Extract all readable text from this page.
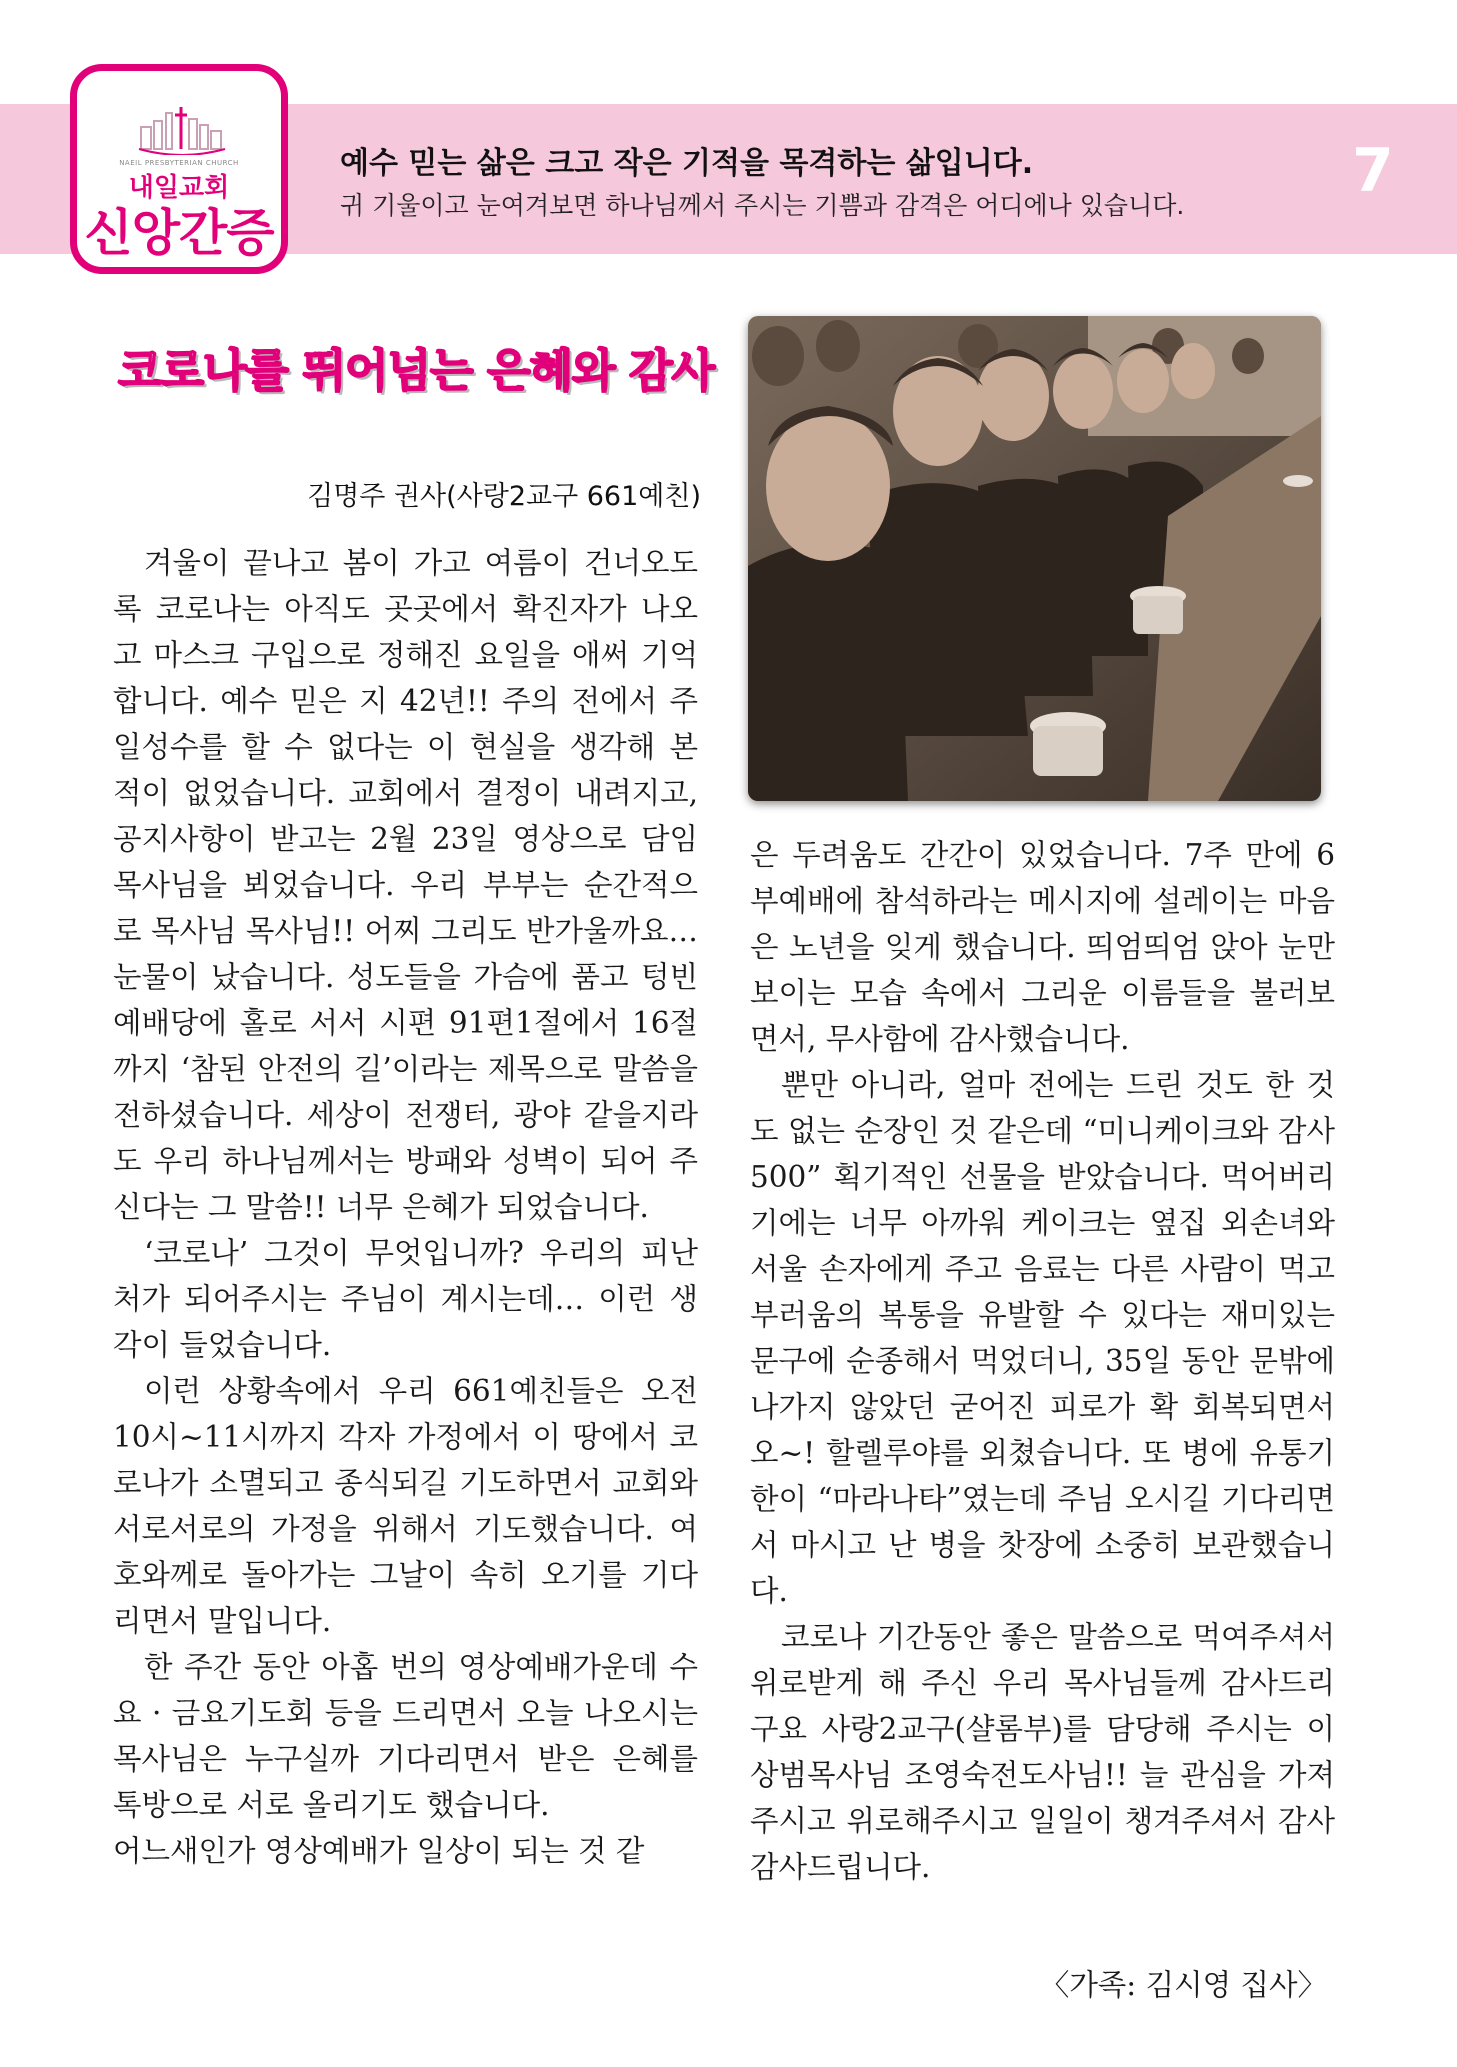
NAEIL PRESBYTERIAN CHURCH
내일교회
신앙간증
예수 믿는 삶은 크고 작은 기적을 목격하는 삶입니다.
귀 기울이고 눈여겨보면 하나님께서 주시는 기쁨과 감격은 어디에나 있습니다.	7
코로나를 뛰어넘는 은혜와 감사
김명주 권사(사랑2교구 661예친)

겨울이 끝나고 봄이 가고 여름이 건너오도록 코로나는 아직도 곳곳에서 확진자가 나오고 마스크 구입으로 정해진 요일을 애써 기억합니다. 예수 믿은 지 42년!! 주의 전에서 주일성수를 할 수 없다는 이 현실을 생각해 본 적이 없었습니다. 교회에서 결정이 내려지고, 공지사항이 받고는 2월 23일 영상으로 담임목사님을 뵈었습니다. 우리 부부는 순간적으로 목사님 목사님!! 어찌 그리도 반가울까요… 눈물이 났습니다. 성도들을 가슴에 품고 텅빈 예배당에 홀로 서서 시편 91편1절에서 16절까지 ‘참된 안전의 길’이라는 제목으로 말씀을 전하셨습니다. 세상이 전쟁터, 광야 같을지라도 우리 하나님께서는 방패와 성벽이 되어 주신다는 그 말씀!! 너무 은혜가 되었습니다.

‘코로나’ 그것이 무엇입니까? 우리의 피난처가 되어주시는 주님이 계시는데… 이런 생각이 들었습니다.

이런 상황속에서 우리 661예친들은 오전 10시~11시까지 각자 가정에서 이 땅에서 코로나가 소멸되고 종식되길 기도하면서 교회와 서로서로의 가정을 위해서 기도했습니다. 여호와께로 돌아가는 그날이 속히 오기를 기다리면서 말입니다.

한 주간 동안 아홉 번의 영상예배가운데 수요 · 금요기도회 등을 드리면서 오늘 나오시는 목사님은 누구실까 기다리면서 받은 은혜를 톡방으로 서로 올리기도 했습니다.

어느새인가 영상예배가 일상이 되는 것 같

은 두려움도 간간이 있었습니다. 7주 만에 6부예배에 참석하라는 메시지에 설레이는 마음은 노년을 잊게 했습니다. 띄엄띄엄 앉아 눈만 보이는 모습 속에서 그리운 이름들을 불러보면서, 무사함에 감사했습니다.

뿐만 아니라, 얼마 전에는 드린 것도 한 것도 없는 순장인 것 같은데 “미니케이크와 감사500” 획기적인 선물을 받았습니다. 먹어버리기에는 너무 아까워 케이크는 옆집 외손녀와 서울 손자에게 주고 음료는 다른 사람이 먹고 부러움의 복통을 유발할 수 있다는 재미있는 문구에 순종해서 먹었더니, 35일 동안 문밖에 나가지 않았던 굳어진 피로가 확 회복되면서 오~! 할렐루야를 외쳤습니다. 또 병에 유통기한이 “마라나타”였는데 주님 오시길 기다리면서 마시고 난 병을 찻장에 소중히 보관했습니다.

코로나 기간동안 좋은 말씀으로 먹여주셔서 위로받게 해 주신 우리 목사님들께 감사드리구요 사랑2교구(샬롬부)를 담당해 주시는 이상범목사님 조영숙전도사님!! 늘 관심을 가져주시고 위로해주시고 일일이 챙겨주셔서 감사감사드립니다.

〈가족: 김시영 집사〉
